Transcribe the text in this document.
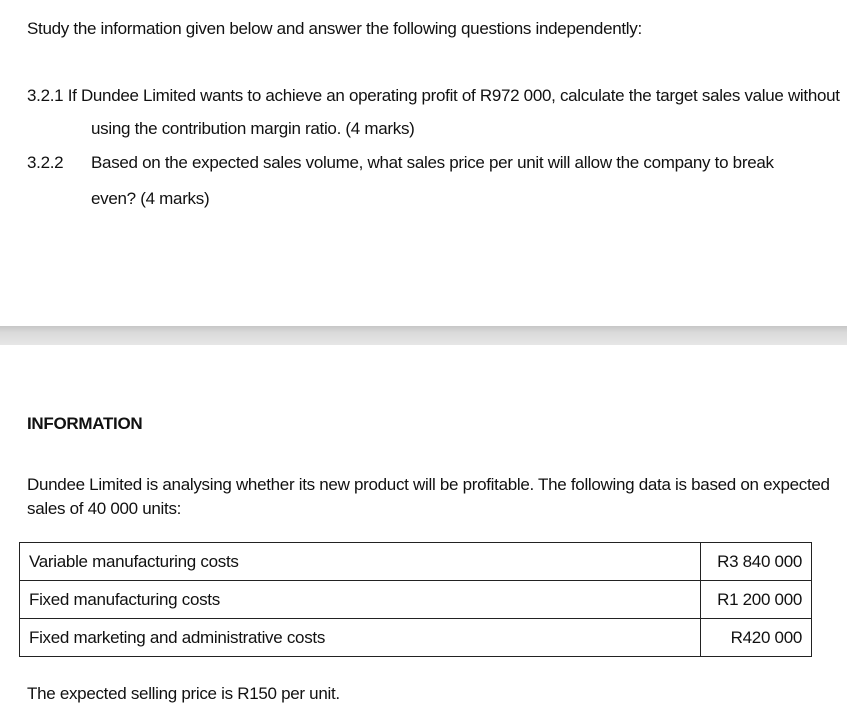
Study the information given below and answer the following questions independently:
3.2.1 If Dundee Limited wants to achieve an operating profit of R972 000, calculate the target sales value without
using the contribution margin ratio. (4 marks)
3.2.2 Based on the expected sales volume, what sales price per unit will allow the company to break
even? (4 marks)
INFORMATION
Dundee Limited is analysing whether its new product will be profitable. The following data is based on expected
sales of 40 000 units:
Variable manufacturing costs	R3 840 000
Fixed manufacturing costs	R1 200 000
Fixed marketing and administrative costs	R420 000
The expected selling price is R150 per unit.
